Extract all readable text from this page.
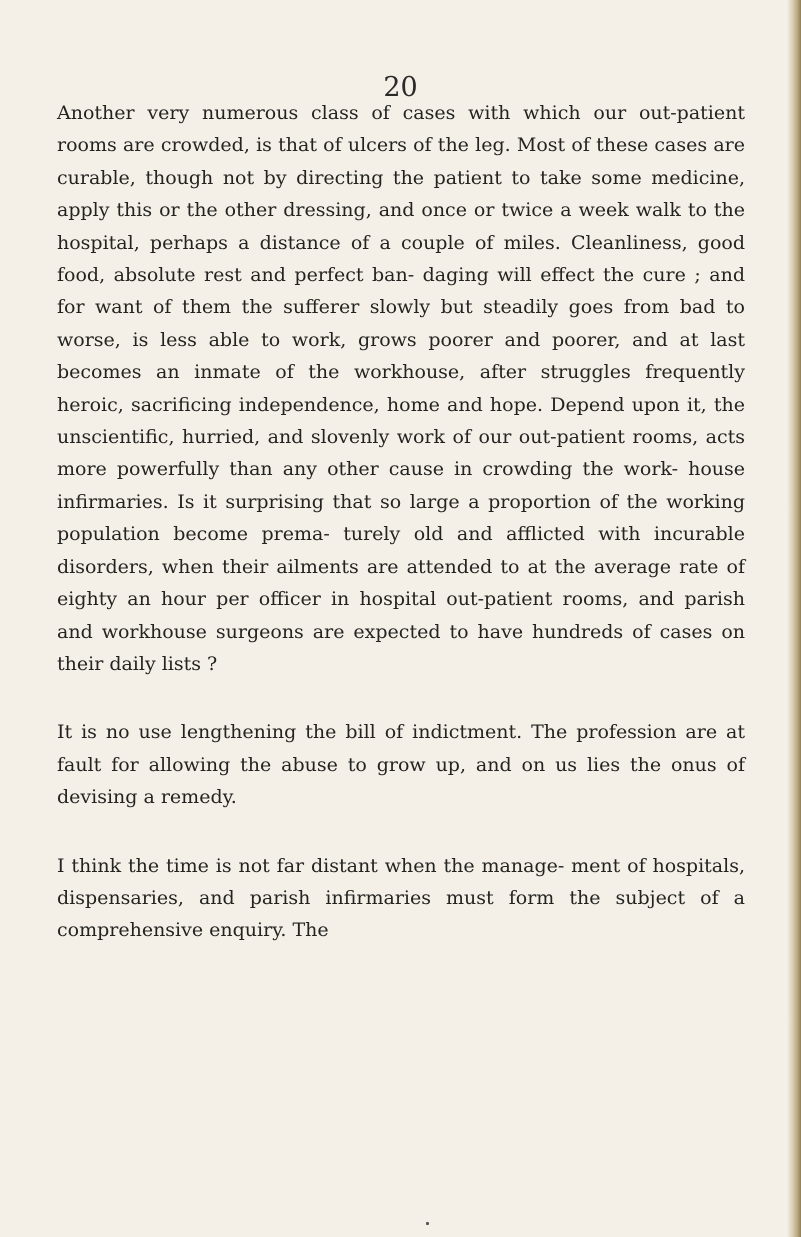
20

Another very numerous class of cases with which our out-patient rooms are crowded, is that of ulcers of the leg. Most of these cases are curable, though not by directing the patient to take some medicine, apply this or the other dressing, and once or twice a week walk to the hospital, perhaps a distance of a couple of miles. Cleanliness, good food, absolute rest and perfect ban- daging will effect the cure ; and for want of them the sufferer slowly but steadily goes from bad to worse, is less able to work, grows poorer and poorer, and at last becomes an inmate of the workhouse, after struggles frequently heroic, sacrificing independence, home and hope. Depend upon it, the unscientific, hurried, and slovenly work of our out-patient rooms, acts more powerfully than any other cause in crowding the work- house infirmaries. Is it surprising that so large a proportion of the working population become prema- turely old and afflicted with incurable disorders, when their ailments are attended to at the average rate of eighty an hour per officer in hospital out-patient rooms, and parish and workhouse surgeons are expected to have hundreds of cases on their daily lists ?

It is no use lengthening the bill of indictment. The profession are at fault for allowing the abuse to grow up, and on us lies the onus of devising a remedy.

I think the time is not far distant when the manage- ment of hospitals, dispensaries, and parish infirmaries must form the subject of a comprehensive enquiry. The
